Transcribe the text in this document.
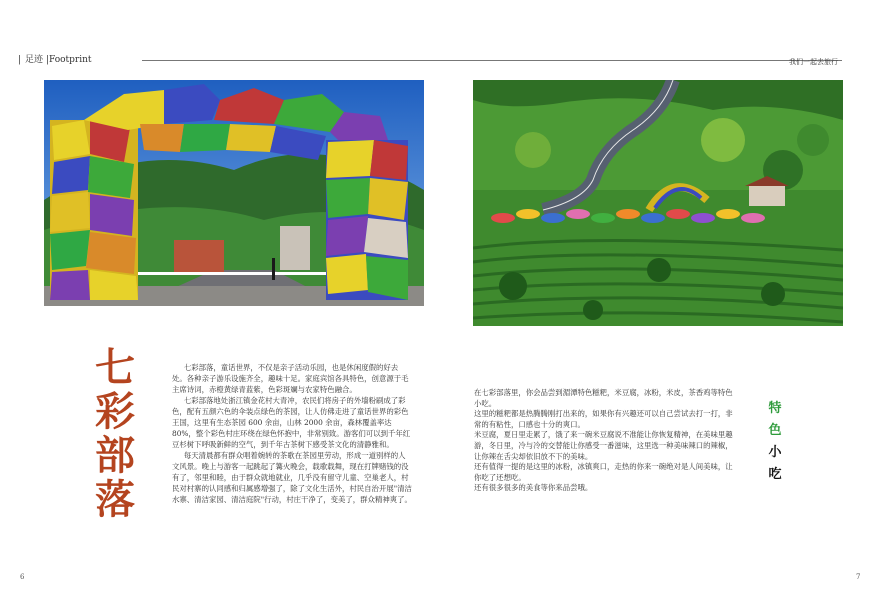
| 足迹 |Footprint	我们一起去旅行
七
彩
部
落

七彩部落，童话世界，不仅是亲子活动乐园，也是休闲度假的好去处。各种亲子游乐设施齐全，趣味十足。家庭宾馆各具特色，创意源于毛主席诗词，赤橙黄绿青蓝紫，色彩斑斓与农家特色融合。

七彩部落地处浙江镇金花村大青冲，农民们将房子的外墙粉刷成了彩色，配有五颜六色的伞装点绿色的茶园，让人仿佛走进了童话世界的彩色王国，这里有生态茶园 600 余亩，山林 2000 余亩，森林覆盖率达 80%，整个彩色村庄环绕在绿色怀抱中，非常别致。游客们可以到千年红豆杉树下呼吸新鲜的空气，到千年古茶树下感受茶文化的清静雅和。

每天清晨都有群众唱着婉转的茶歌在茶园里劳动，形成一道别样的人文风景。晚上与游客一起跳起了篝火晚会，载歌载舞，现在打牌赌钱的没有了，邻里和睦，由于群众就地就业，几乎没有留守儿童、空巢老人，村民对村寨的认同感和归属感增强了，除了文化生活外，村民自治开展"清洁水寨、清洁家园、清洁庭院"行动，村庄干净了，变美了，群众精神爽了。

在七彩部落里，你会品尝到湄潭特色糍粑，米豆腐，冰粉，米皮，茶香鸡等特色小吃。

这里的糍粑都是热腾腾刚打出来的，如果你有兴趣还可以自己尝试去打一打，非常的有粘性，口感也十分的爽口。

米豆腐，夏日里走累了，饿了来一碗米豆腐说不准能让你恢复精神，在美味里趣游，冬日里，冷与冷的交替能让你感受一番滋味，这里选一种美味辣口的辣椒，让你辣在舌尖却依旧放不下的美味。

还有值得一提的是这里的冰粉，冰镇爽口，走热的你来一碗绝对是人间美味，让你吃了还想吃。

还有很多很多的美食等你来品尝哦。

特
色
小
吃
6	7
